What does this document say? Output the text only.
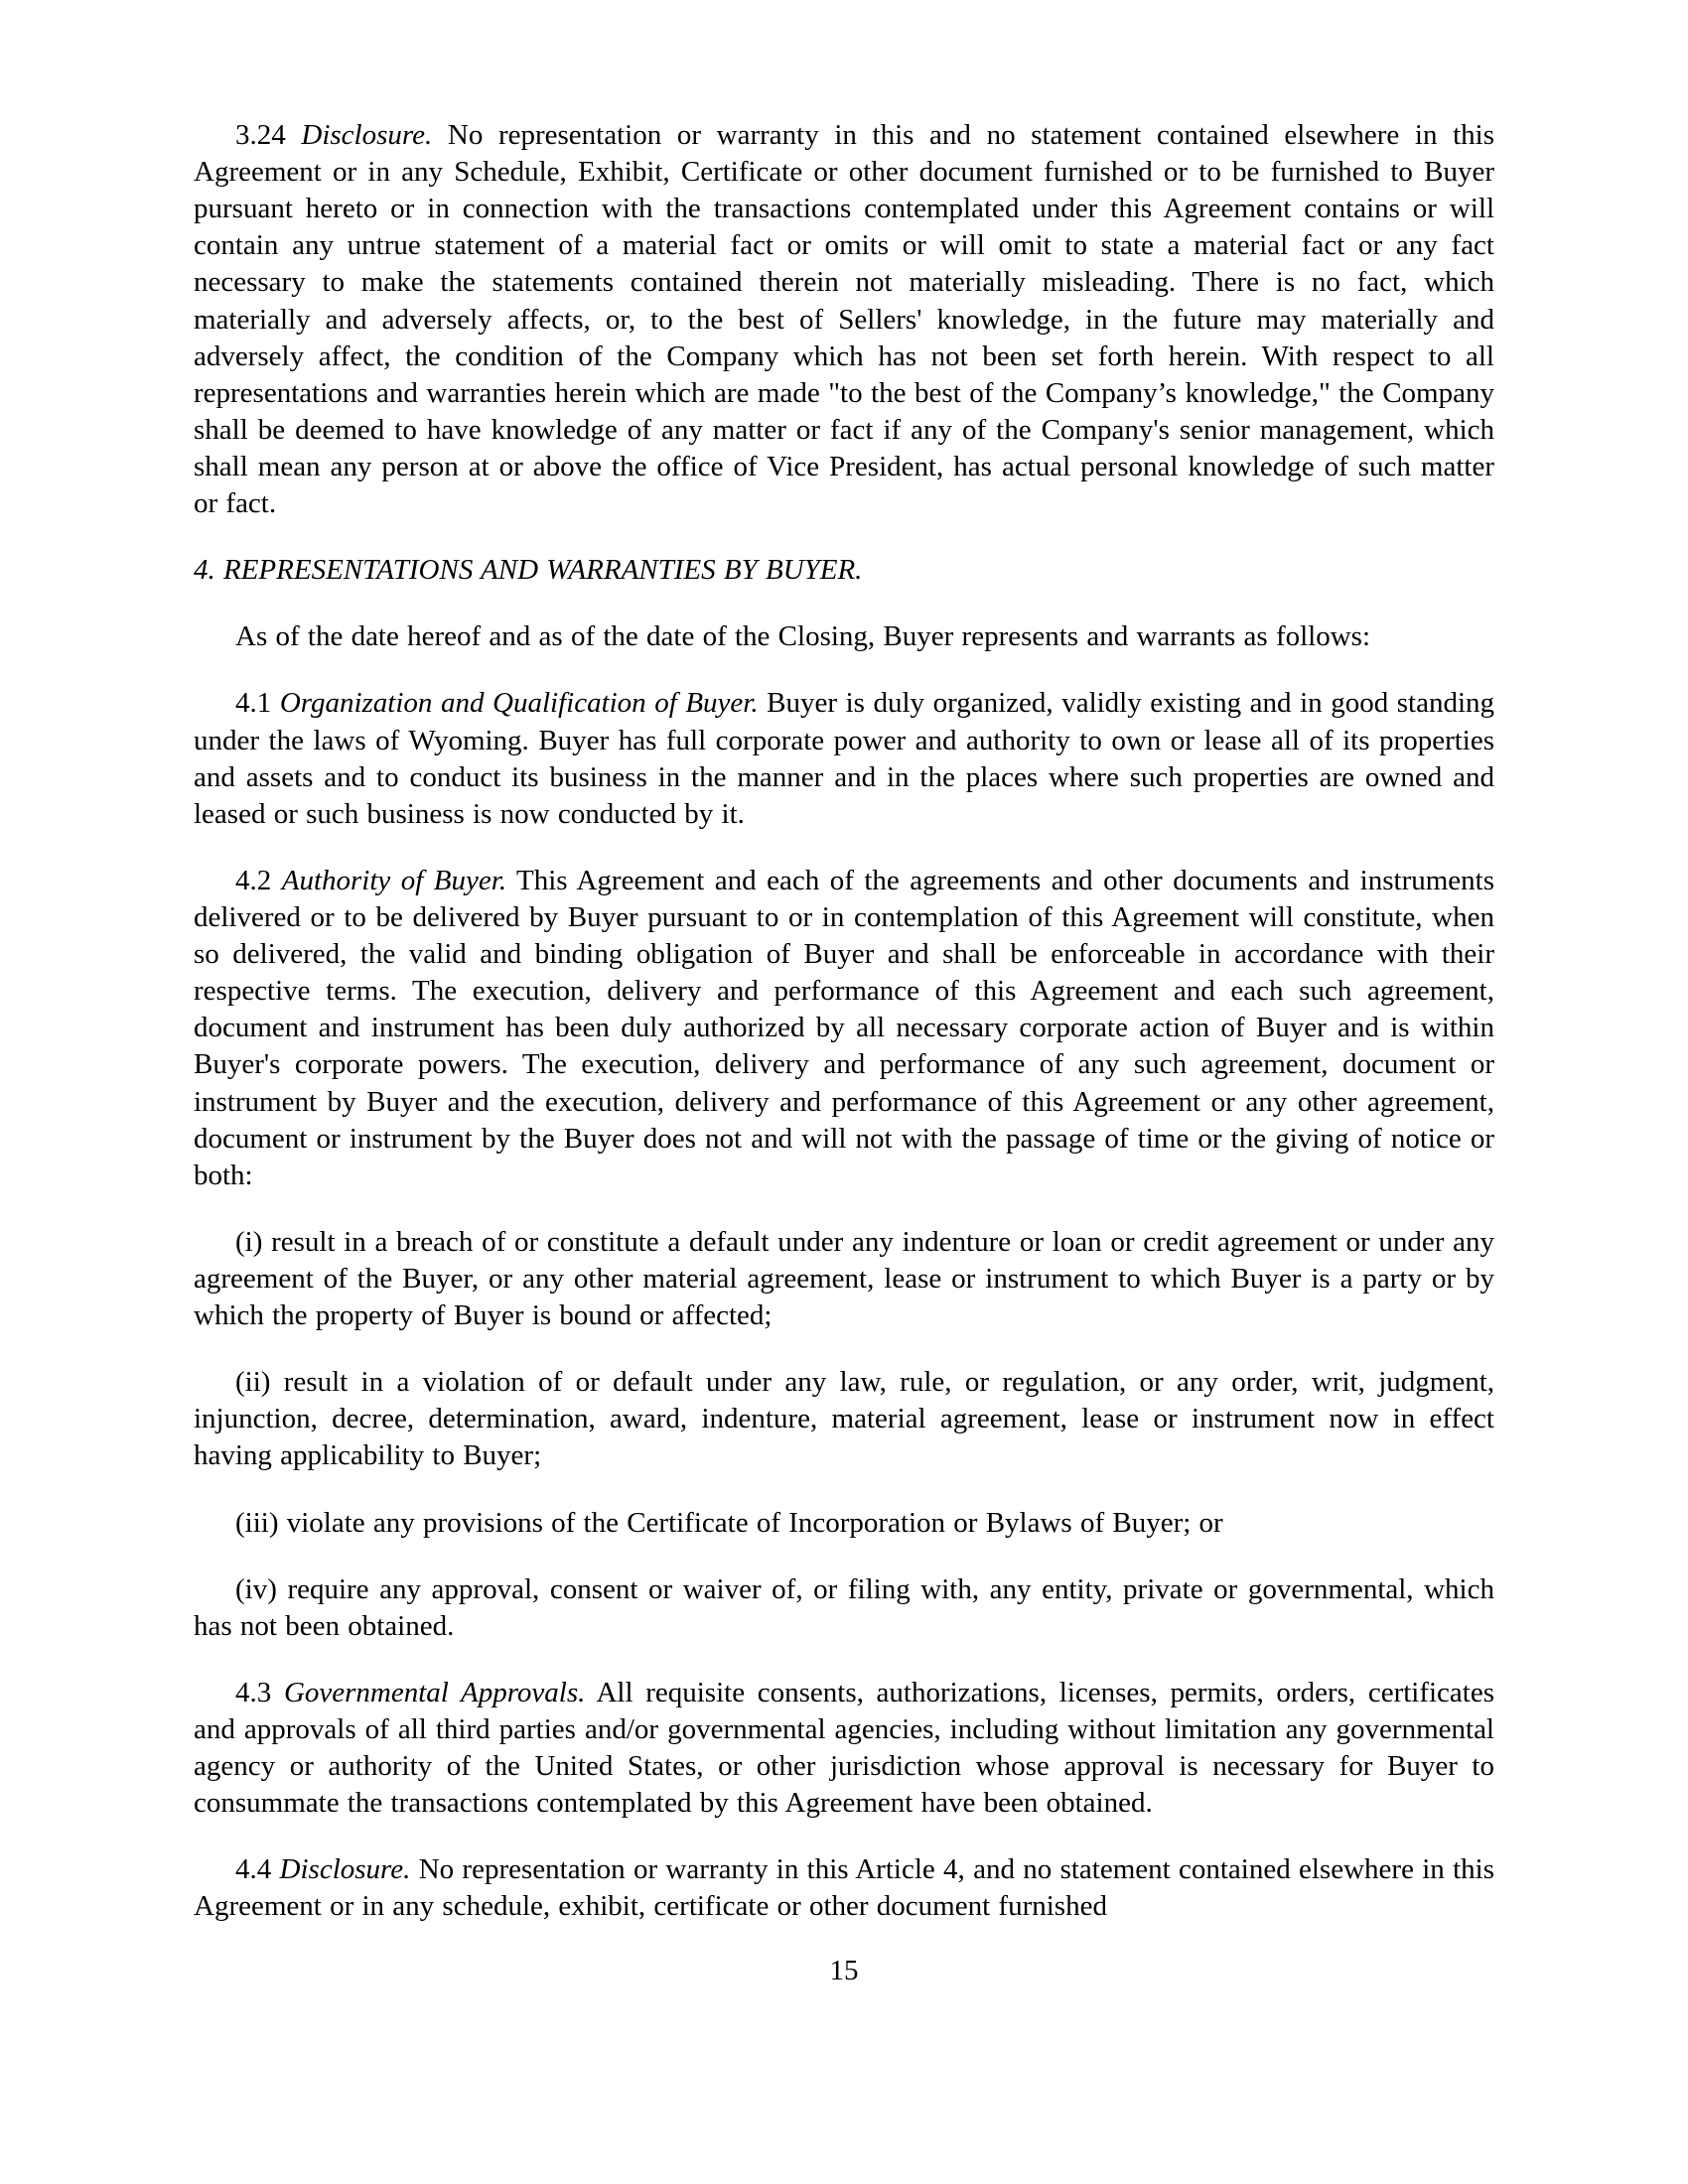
3.24 Disclosure. No representation or warranty in this and no statement contained elsewhere in this Agreement or in any Schedule, Exhibit, Certificate or other document furnished or to be furnished to Buyer pursuant hereto or in connection with the transactions contemplated under this Agreement contains or will contain any untrue statement of a material fact or omits or will omit to state a material fact or any fact necessary to make the statements contained therein not materially misleading. There is no fact, which materially and adversely affects, or, to the best of Sellers' knowledge, in the future may materially and adversely affect, the condition of the Company which has not been set forth herein. With respect to all representations and warranties herein which are made "to the best of the Company’s knowledge," the Company shall be deemed to have knowledge of any matter or fact if any of the Company's senior management, which shall mean any person at or above the office of Vice President, has actual personal knowledge of such matter or fact.

4. REPRESENTATIONS AND WARRANTIES BY BUYER.

As of the date hereof and as of the date of the Closing, Buyer represents and warrants as follows:

4.1 Organization and Qualification of Buyer. Buyer is duly organized, validly existing and in good standing under the laws of Wyoming. Buyer has full corporate power and authority to own or lease all of its properties and assets and to conduct its business in the manner and in the places where such properties are owned and leased or such business is now conducted by it.

4.2 Authority of Buyer. This Agreement and each of the agreements and other documents and instruments delivered or to be delivered by Buyer pursuant to or in contemplation of this Agreement will constitute, when so delivered, the valid and binding obligation of Buyer and shall be enforceable in accordance with their respective terms. The execution, delivery and performance of this Agreement and each such agreement, document and instrument has been duly authorized by all necessary corporate action of Buyer and is within Buyer's corporate powers. The execution, delivery and performance of any such agreement, document or instrument by Buyer and the execution, delivery and performance of this Agreement or any other agreement, document or instrument by the Buyer does not and will not with the passage of time or the giving of notice or both:

(i) result in a breach of or constitute a default under any indenture or loan or credit agreement or under any agreement of the Buyer, or any other material agreement, lease or instrument to which Buyer is a party or by which the property of Buyer is bound or affected;

(ii) result in a violation of or default under any law, rule, or regulation, or any order, writ, judgment, injunction, decree, determination, award, indenture, material agreement, lease or instrument now in effect having applicability to Buyer;

(iii) violate any provisions of the Certificate of Incorporation or Bylaws of Buyer; or

(iv) require any approval, consent or waiver of, or filing with, any entity, private or governmental, which has not been obtained.

4.3 Governmental Approvals. All requisite consents, authorizations, licenses, permits, orders, certificates and approvals of all third parties and/or governmental agencies, including without limitation any governmental agency or authority of the United States, or other jurisdiction whose approval is necessary for Buyer to consummate the transactions contemplated by this Agreement have been obtained.

4.4 Disclosure. No representation or warranty in this Article 4, and no statement contained elsewhere in this Agreement or in any schedule, exhibit, certificate or other document furnished

15
